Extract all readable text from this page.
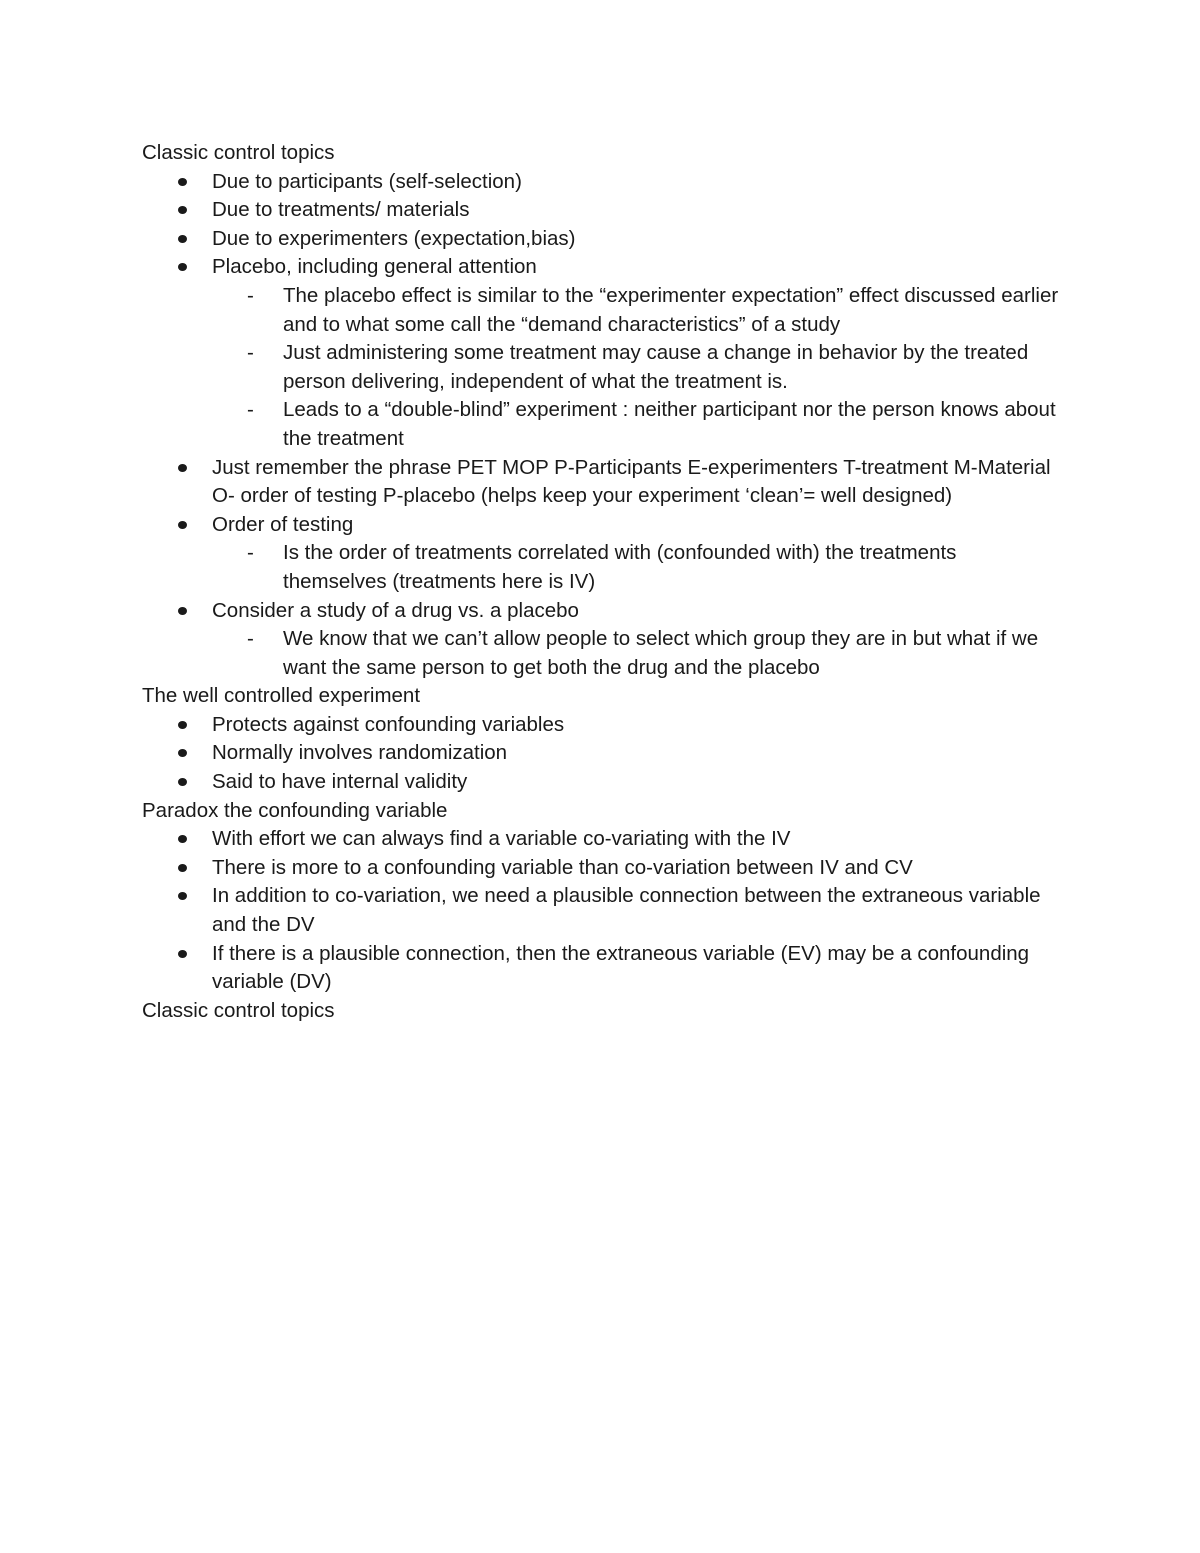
Classic control topics
Due to participants (self-selection)
Due to treatments/ materials
Due to experimenters (expectation,bias)
Placebo, including general attention
- The placebo effect is similar to the “experimenter expectation” effect discussed earlier and to what some call the “demand characteristics” of a study
- Just administering some treatment may cause a change in behavior by the treated person delivering, independent of what the treatment is.
- Leads to a “double-blind” experiment : neither participant nor the person knows about the treatment
Just remember the phrase PET MOP P-Participants E-experimenters T-treatment M-Material O- order of testing P-placebo (helps keep your experiment ‘clean’= well designed)
Order of testing
- Is the order of treatments correlated with (confounded with) the treatments themselves (treatments here is IV)
Consider a study of a drug vs. a placebo
- We know that we can’t allow people to select which group they are in but what if we want the same person to get both the drug and the placebo
The well controlled experiment
Protects against confounding variables
Normally involves randomization
Said to have internal validity
Paradox the confounding variable
With effort we can always find a variable co-variating with the IV
There is more to a confounding variable than co-variation between IV and CV
In addition to co-variation, we need a plausible connection between the extraneous variable and the DV
If there is a plausible connection, then the extraneous variable (EV) may be a confounding variable (DV)
Classic control topics
